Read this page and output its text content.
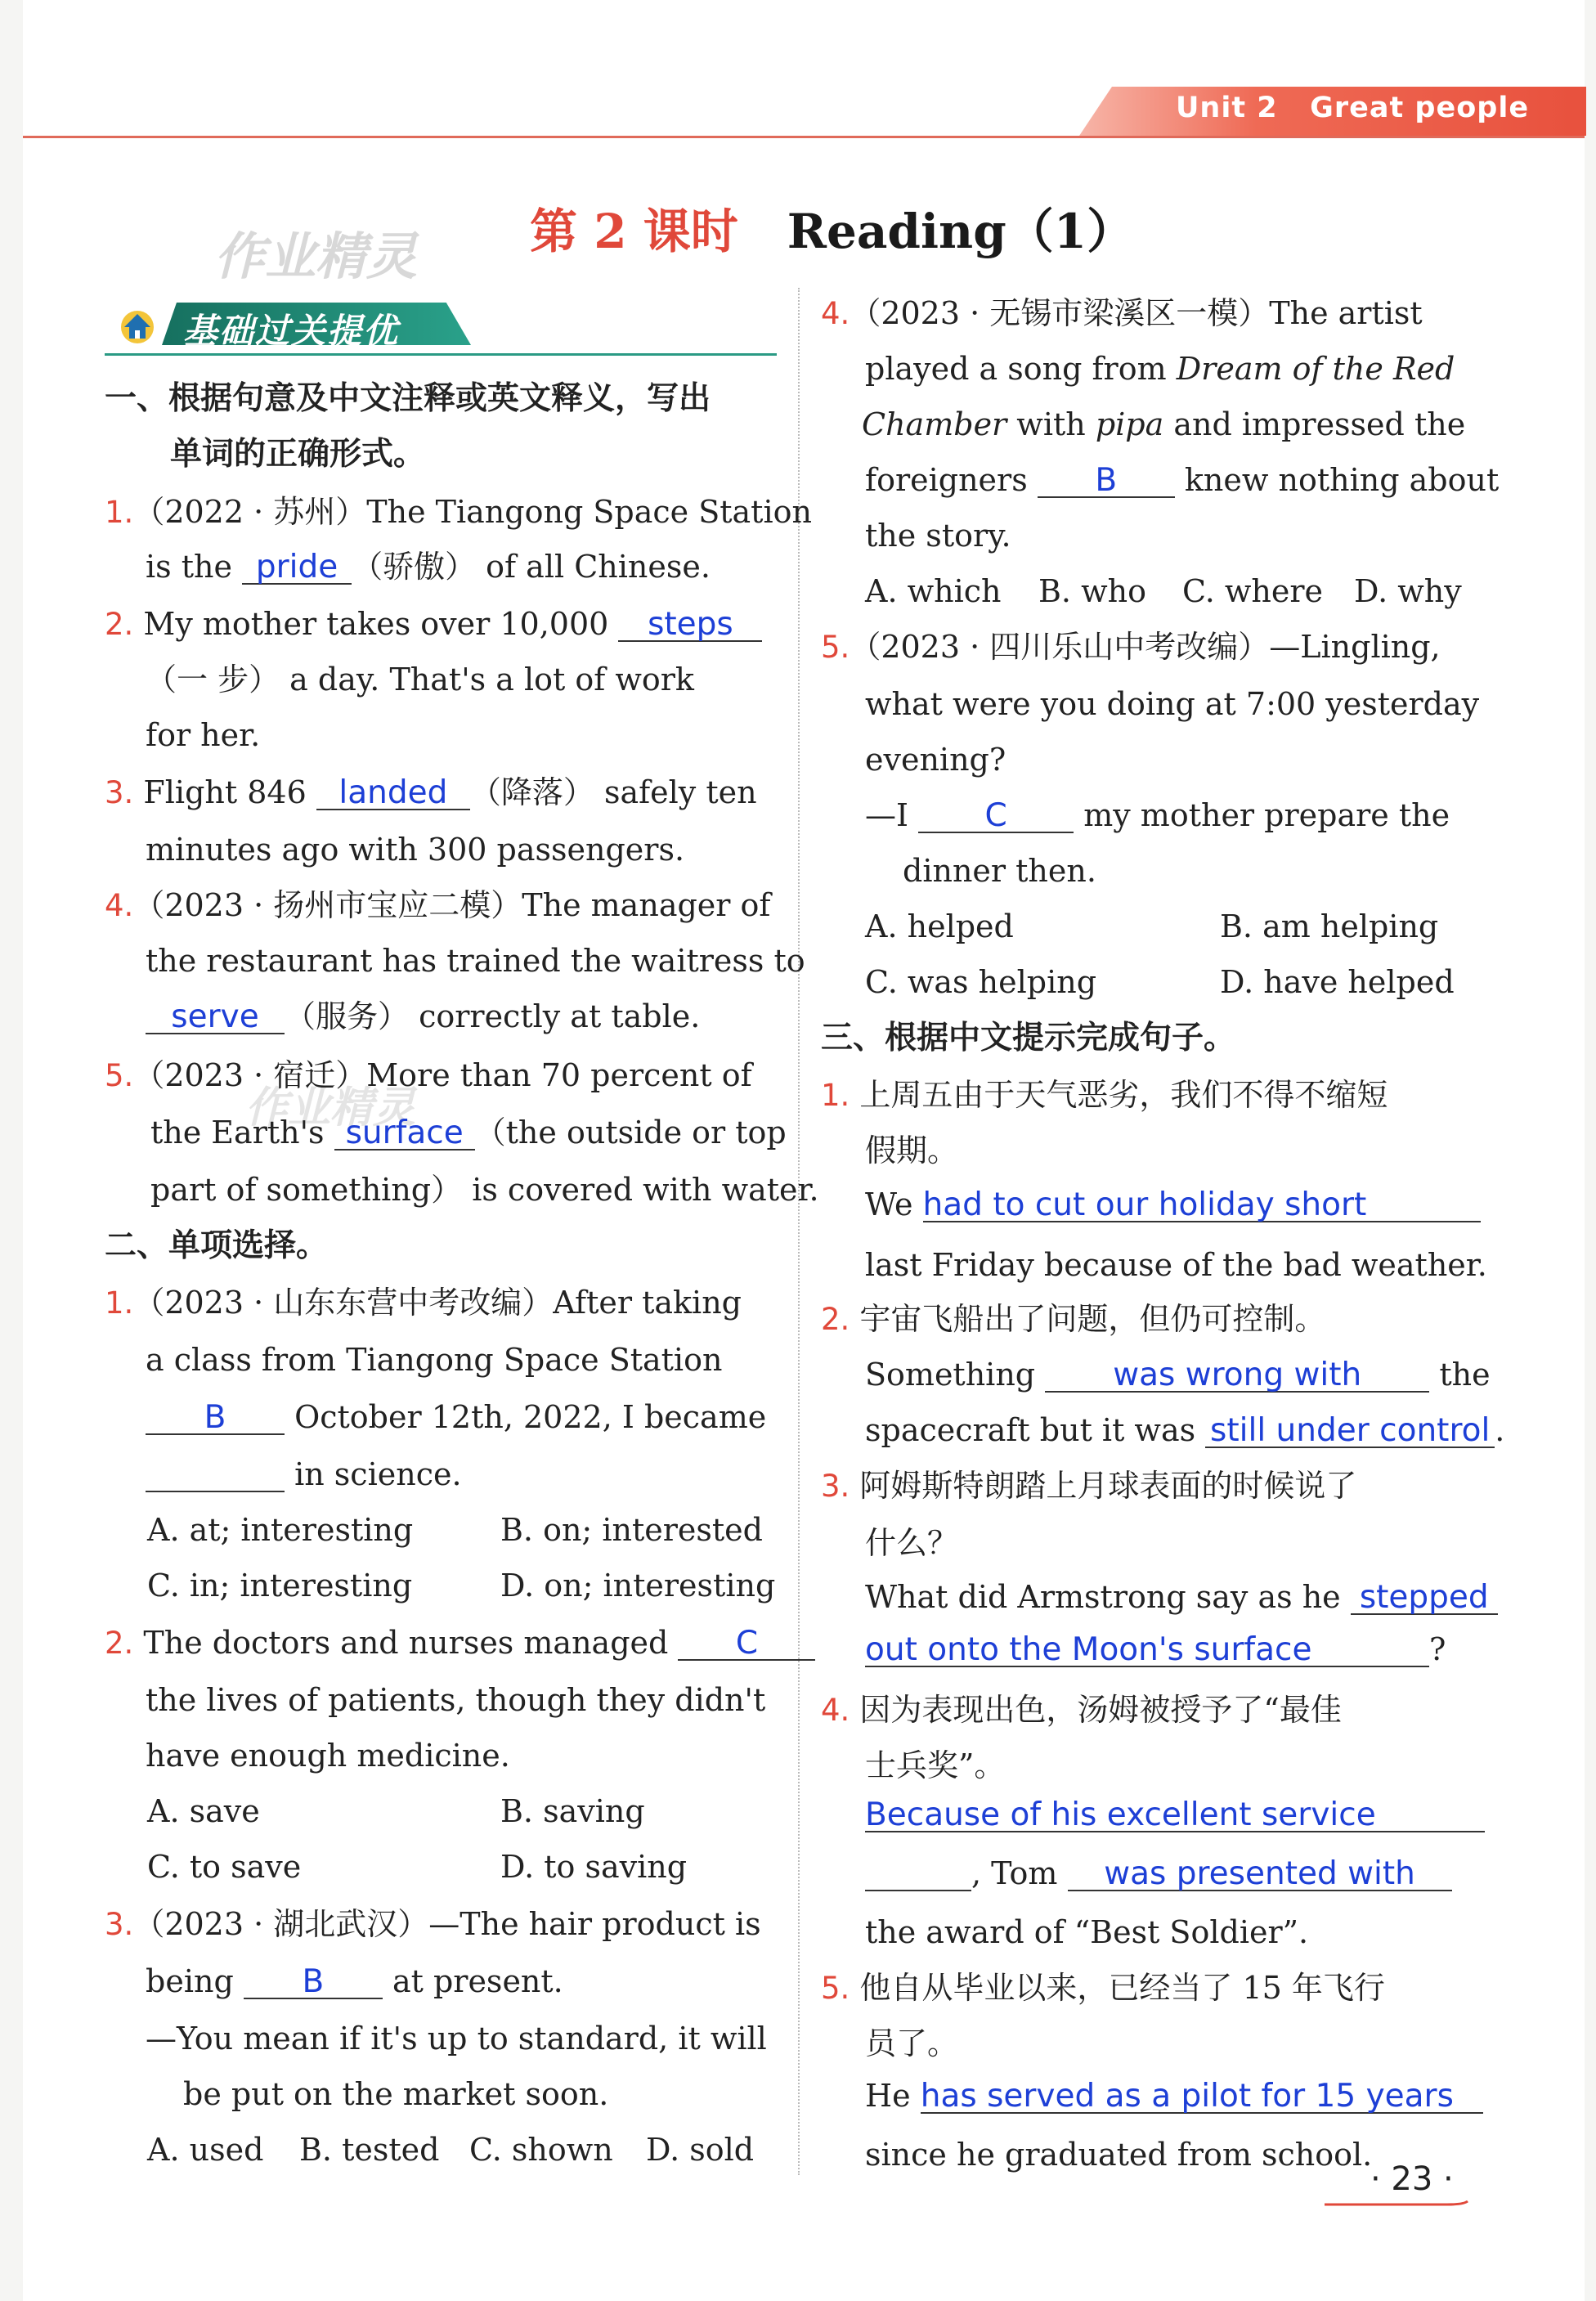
Unit 2 Great people
作业精灵
作业精灵
第 2 课时 Reading（1）
基础过关提优
一、根据句意及中文注释或英文释义，写出
单词的正确形式。
1.（2022 · 苏州）The Tiangong Space Station
is the pride （骄傲） of all Chinese.
2. My mother takes over 10,000 steps
（一 步） a day. That's a lot of work
for her.
3. Flight 846 landed （降落） safely ten
minutes ago with 300 passengers.
4.（2023 · 扬州市宝应二模）The manager of
the restaurant has trained the waitress to
serve （服务） correctly at table.
5.（2023 · 宿迁）More than 70 percent of
the Earth's surface （the outside or top
part of something） is covered with water.
二、单项选择。
1.（2023 · 山东东营中考改编）After taking
a class from Tiangong Space Station
B October 12th, 2022, I became
in science.
A. at; interesting	B. on; interested
C. in; interesting	D. on; interesting
2. The doctors and nurses managed C
the lives of patients, though they didn't
have enough medicine.
A. save	B. saving
C. to save	D. to saving
3.（2023 · 湖北武汉）—The hair product is
being B at present.
—You mean if it's up to standard, it will
be put on the market soon.
A. used B. tested C. shown D. sold
4.（2023 · 无锡市梁溪区一模）The artist
played a song from Dream of the Red
Chamber with pipa and impressed the
foreigners B knew nothing about
the story.
A. which B. who C. where D. why
5.（2023 · 四川乐山中考改编）—Lingling,
what were you doing at 7:00 yesterday
evening?
—I C my mother prepare the
dinner then.
A. helped	B. am helping
C. was helping	D. have helped
三、根据中文提示完成句子。
1. 上周五由于天气恶劣，我们不得不缩短
假期。
We had to cut our holiday short
last Friday because of the bad weather.
2. 宇宙飞船出了问题，但仍可控制。
Something was wrong with	the
spacecraft but it was still under control .
3. 阿姆斯特朗踏上月球表面的时候说了
什么？
What did Armstrong say as he stepped
out onto the Moon's surface	?
4. 因为表现出色，汤姆被授予了“最佳
士兵奖”。
Because of his excellent service
, Tom was presented with
the award of “Best Soldier”.
5. 他自从毕业以来，已经当了 15 年飞行
员了。
He has served as a pilot for 15 years
since he graduated from school.
· 23 ·
